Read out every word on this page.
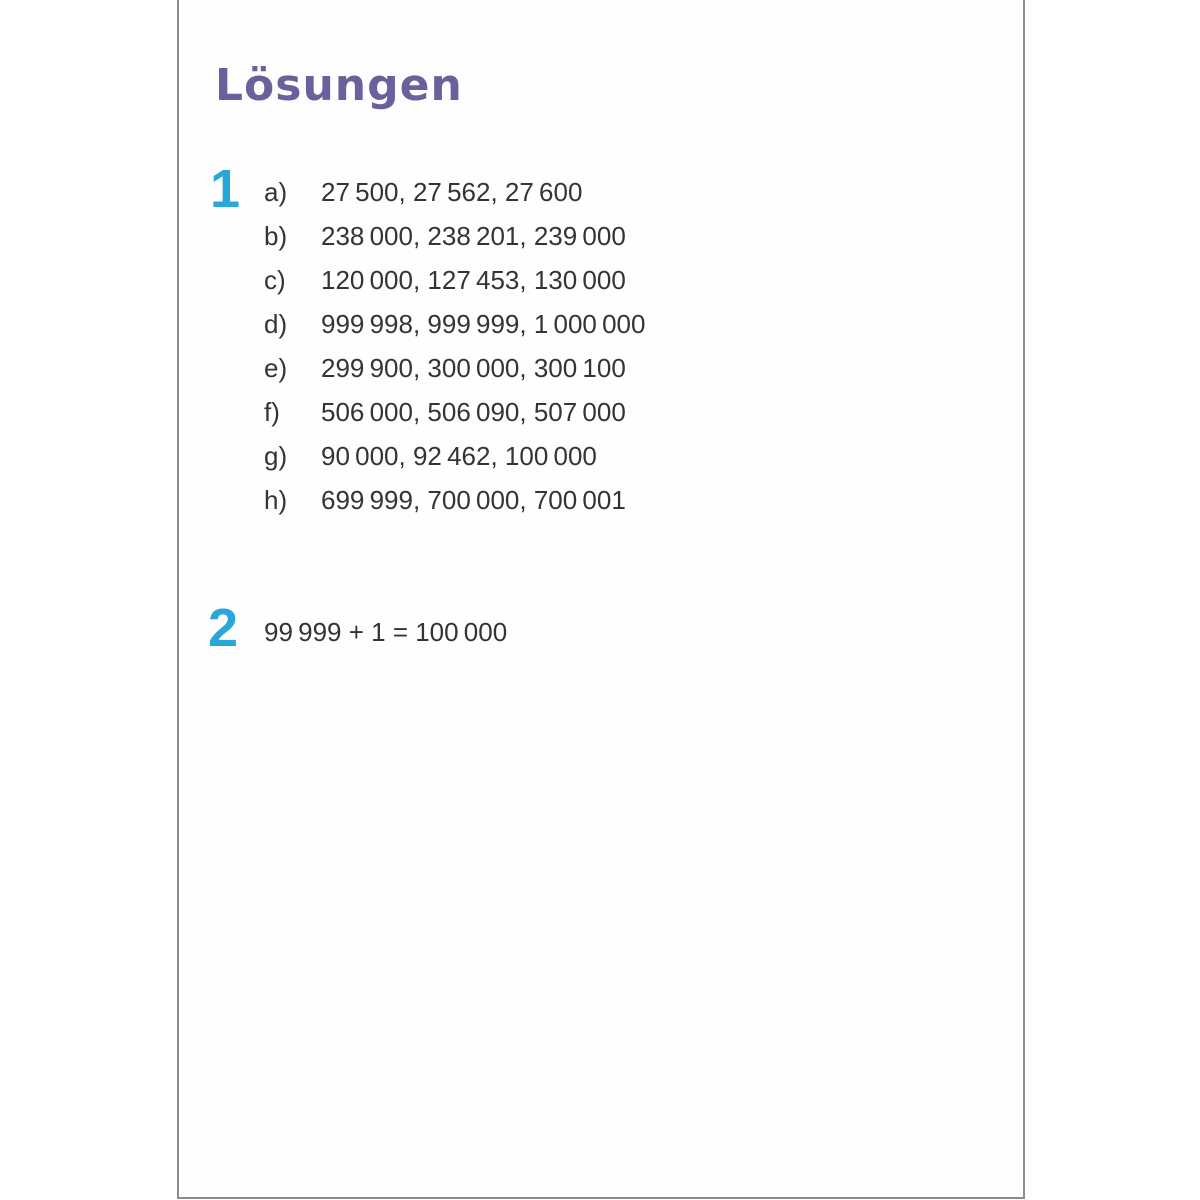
Lösungen
1 a)	27 500, 27 562, 27 600
b)	238 000, 238 201, 239 000
c)	120 000, 127 453, 130 000
d)	999 998, 999 999, 1 000 000
e)	299 900, 300 000, 300 100
f)	506 000, 506 090, 507 000
g)	90 000, 92 462, 100 000
h)	699 999, 700 000, 700 001
2 99 999 + 1 = 100 000
